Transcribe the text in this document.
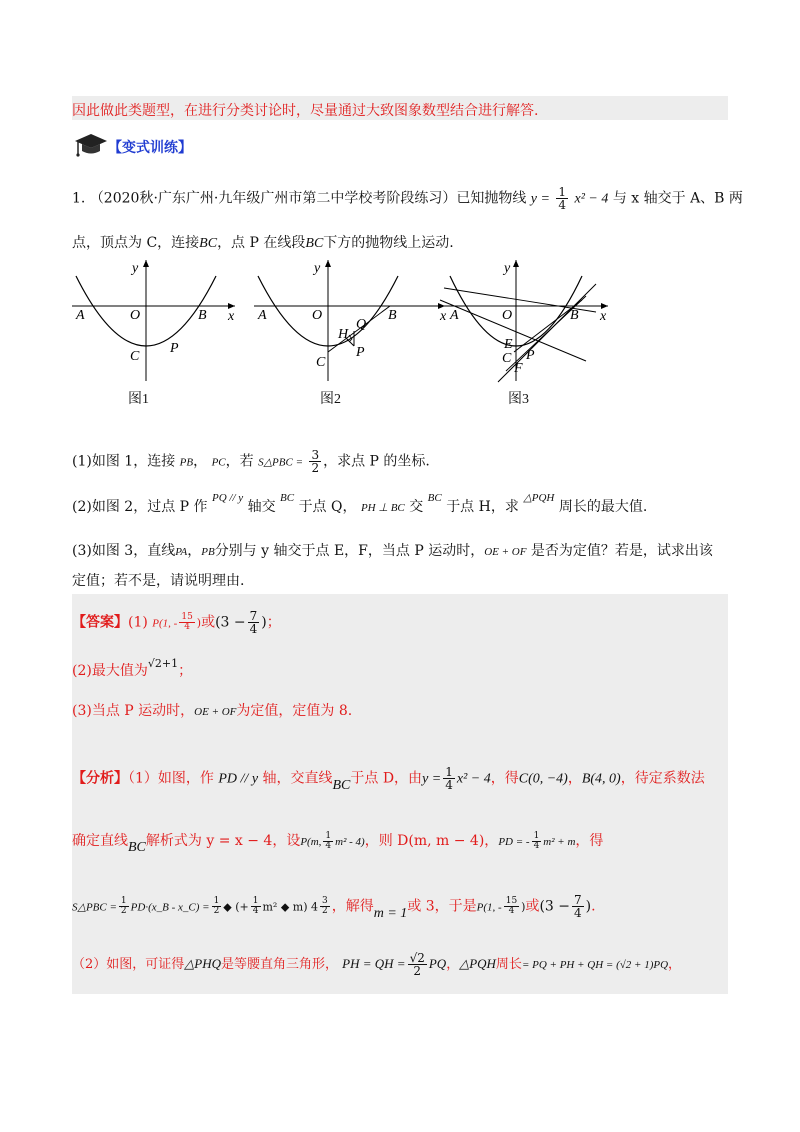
因此做此类题型，在进行分类讨论时，尽量通过大致图象数型结合进行解答.
【变式训练】
1. （2020秋·广东广州·九年级广州市第二中学校考阶段练习）已知抛物线 $y = \frac{1}{4} x^2 - 4$ 与 x 轴交于 A、B 两
点，顶点为 C，连接BC，点 P 在线段BC下方的抛物线上运动.
x
y
A	O	B
C
P
图1
x
y
A	O	B
C
Q
H
P
图2
x
y
A	O	B
E
C P
F
图3
(1)如图 1，连接 PB， PC，若 S△PBC = $\frac{3}{2}$ ，求点 P 的坐标.
(2)如图 2，过点 P 作 $^{PQ // y}$ 轴交 $^{BC}$ 于点 Q， PH ⊥ BC 交 $^{BC}$ 于点 H，求 $^{\triangle PQH}$ 周长的最大值.
(3)如图 3，直线PA，PB分别与 y 轴交于点 E，F，当点 P 运动时，OE + OF 是否为定值？若是，试求出该
定值；若不是，请说明理由.
【答案】(1) P(1, - $\frac{15}{4}$ )或($3 - \frac{7}{4}$ )；
(2)最大值为$^{√2+1}$；
(3)当点 P 运动时，OE + OF为定值，定值为 8.
【分析】（1）如图，作 PD // y 轴，交直线BC于点 D，由$y = \frac{1}{4} x^2 - 4$，得C(0, −4)，B(4, 0)，待定系数法
确定直线BC解析式为 y = x − 4，设P(m, $\frac{1}{4} m^2 - 4$)，则 D(m, m − 4)，PD = - $\frac{1}{4} m^2 + m$，得
S△PBC = $\frac{1}{2}$ PD·(x_B - x_C) = $\frac{1}{2}$ ◆ (+ $\frac{1}{4} m^2$ ◆ m) $4 \frac{3}{2}$ ，解得m = 1或 3，于是P(1, - $\frac{15}{4}$ )或($3 - \frac{7}{4}$ ).
（2）如图，可证得△PHQ是等腰直角三角形， PH = QH = $\frac{√2}{2}$ PQ，△PQH周长= PQ + PH + QH = (√2 + 1)PQ，
